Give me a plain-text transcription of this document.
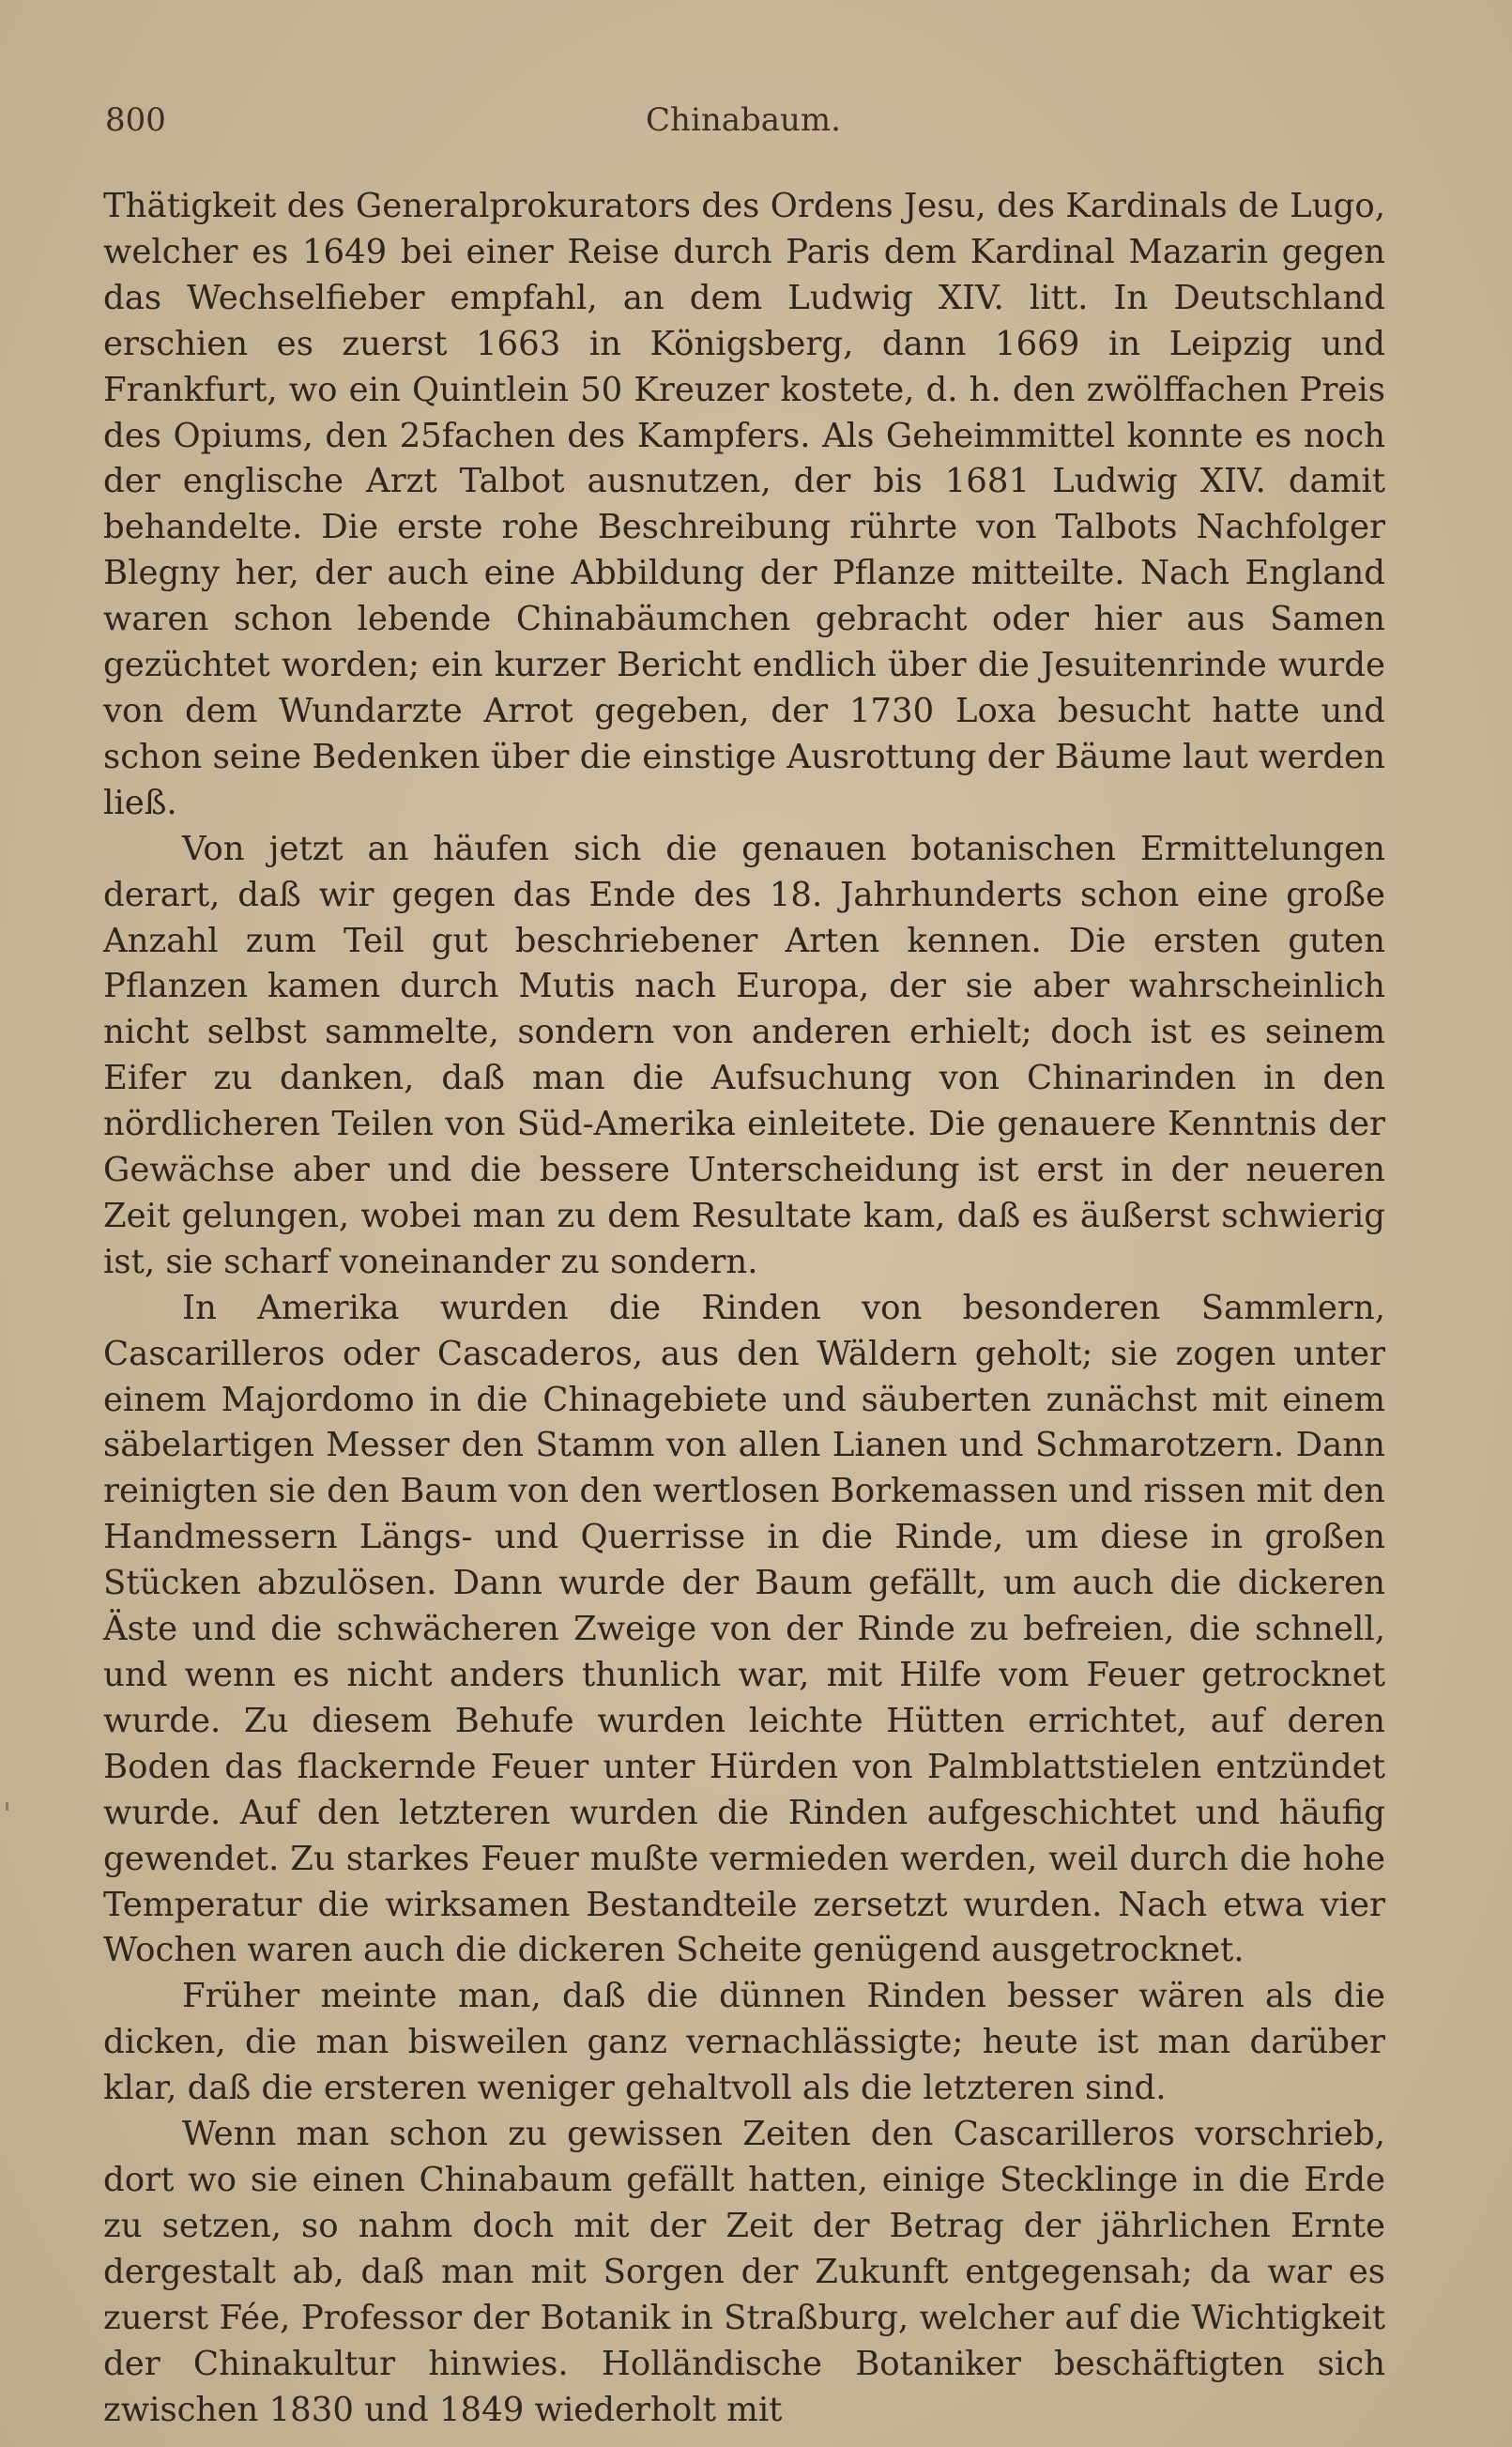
800	Chinabaum.

Thätigkeit des Generalprokurators des Ordens Jesu, des Kardinals de Lugo, welcher es 1649 bei einer Reise durch Paris dem Kardinal Mazarin gegen das Wechselfieber empfahl, an dem Ludwig XIV. litt. In Deutschland erschien es zuerst 1663 in Königsberg, dann 1669 in Leipzig und Frankfurt, wo ein Quintlein 50 Kreuzer kostete, d. h. den zwölffachen Preis des Opiums, den 25fachen des Kampfers. Als Geheimmittel konnte es noch der englische Arzt Talbot ausnutzen, der bis 1681 Ludwig XIV. damit behandelte. Die erste rohe Beschreibung rührte von Talbots Nachfolger Blegny her, der auch eine Abbildung der Pflanze mitteilte. Nach England waren schon lebende Chinabäumchen gebracht oder hier aus Samen gezüchtet worden; ein kurzer Bericht endlich über die Jesuitenrinde wurde von dem Wundarzte Arrot gegeben, der 1730 Loxa besucht hatte und schon seine Bedenken über die einstige Ausrottung der Bäume laut werden ließ.

Von jetzt an häufen sich die genauen botanischen Ermittelungen derart, daß wir gegen das Ende des 18. Jahrhunderts schon eine große Anzahl zum Teil gut beschriebener Arten kennen. Die ersten guten Pflanzen kamen durch Mutis nach Europa, der sie aber wahrscheinlich nicht selbst sammelte, sondern von anderen erhielt; doch ist es seinem Eifer zu danken, daß man die Aufsuchung von Chinarinden in den nördlicheren Teilen von Süd-Amerika einleitete. Die genauere Kenntnis der Gewächse aber und die bessere Unterscheidung ist erst in der neueren Zeit gelungen, wobei man zu dem Resultate kam, daß es äußerst schwierig ist, sie scharf voneinander zu sondern.

In Amerika wurden die Rinden von besonderen Sammlern, Cascarilleros oder Cascaderos, aus den Wäldern geholt; sie zogen unter einem Majordomo in die Chinagebiete und säuberten zunächst mit einem säbelartigen Messer den Stamm von allen Lianen und Schmarotzern. Dann reinigten sie den Baum von den wertlosen Borkemassen und rissen mit den Handmessern Längs- und Querrisse in die Rinde, um diese in großen Stücken abzulösen. Dann wurde der Baum gefällt, um auch die dickeren Äste und die schwächeren Zweige von der Rinde zu befreien, die schnell, und wenn es nicht anders thunlich war, mit Hilfe vom Feuer getrocknet wurde. Zu diesem Behufe wurden leichte Hütten errichtet, auf deren Boden das flackernde Feuer unter Hürden von Palmblattstielen entzündet wurde. Auf den letzteren wurden die Rinden aufgeschichtet und häufig gewendet. Zu starkes Feuer mußte vermieden werden, weil durch die hohe Temperatur die wirksamen Bestandteile zersetzt wurden. Nach etwa vier Wochen waren auch die dickeren Scheite genügend ausgetrocknet.

Früher meinte man, daß die dünnen Rinden besser wären als die dicken, die man bisweilen ganz vernachlässigte; heute ist man darüber klar, daß die ersteren weniger gehaltvoll als die letzteren sind.

Wenn man schon zu gewissen Zeiten den Cascarilleros vorschrieb, dort wo sie einen Chinabaum gefällt hatten, einige Stecklinge in die Erde zu setzen, so nahm doch mit der Zeit der Betrag der jährlichen Ernte dergestalt ab, daß man mit Sorgen der Zukunft entgegensah; da war es zuerst Fée, Professor der Botanik in Straßburg, welcher auf die Wichtigkeit der Chinakultur hinwies. Holländische Botaniker beschäftigten sich zwischen 1830 und 1849 wiederholt mit
